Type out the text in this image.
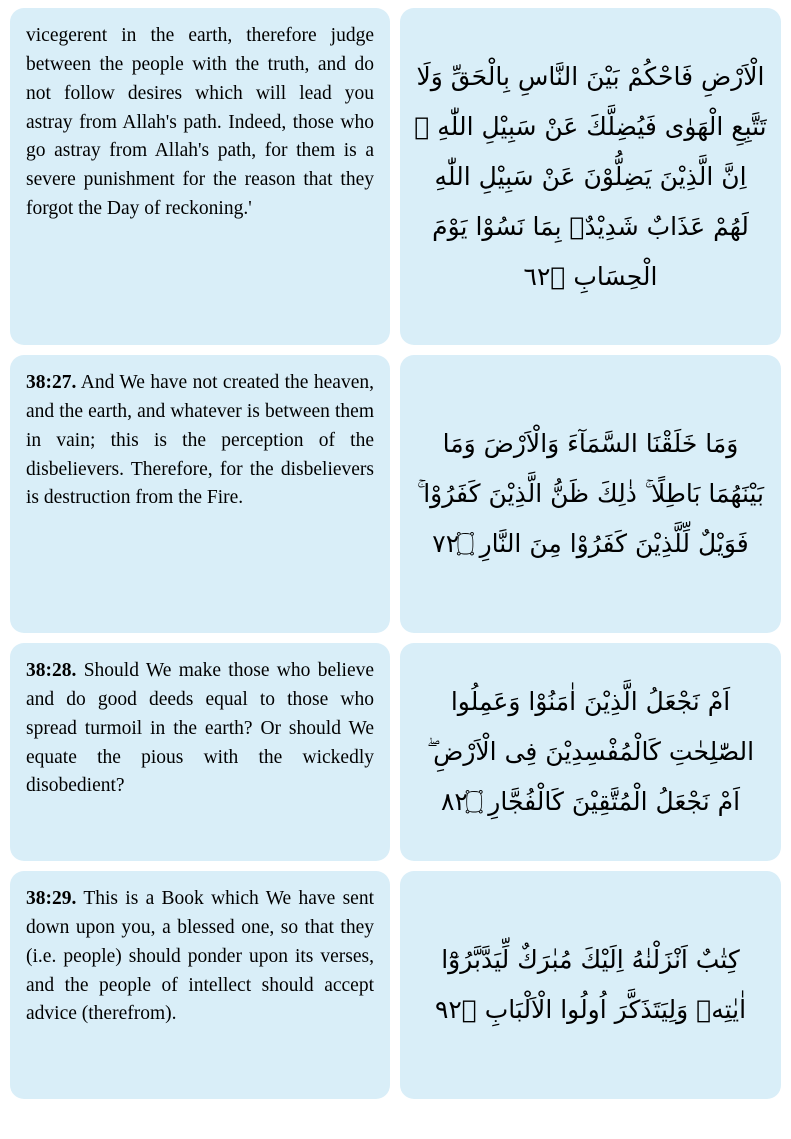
vicegerent in the earth, therefore judge between the people with the truth, and do not follow desires which will lead you astray from Allah's path. Indeed, those who go astray from Allah's path, for them is a severe punishment for the reason that they forgot the Day of reckoning.'
الْاَرْضِ فَاحْكُمْ بَيْنَ النَّاسِ بِالْحَقِّ وَلَا تَتَّبِعِ الْهَوٰى فَيُضِلَّكَ عَنْ سَبِيْلِ اللّٰهِ ۚ اِنَّ الَّذِيْنَ يَضِلُّوْنَ عَنْ سَبِيْلِ اللّٰهِ لَهُمْ عَذَابٌ شَدِيْدٌۢ بِمَا نَسُوْا يَوْمَ الْحِسَابِ ۝٢٦
38:27. And We have not created the heaven, and the earth, and whatever is between them in vain; this is the perception of the disbelievers. Therefore, for the disbelievers is destruction from the Fire.
وَمَا خَلَقْنَا السَّمَآءَ وَالْاَرْضَ وَمَا بَيْنَهُمَا بَاطِلًا ۚ ذٰلِكَ ظَنُّ الَّذِيْنَ كَفَرُوْا ۚ فَوَيْلٌ لِّلَّذِيْنَ كَفَرُوْا مِنَ النَّارِ ۝٢٧
38:28. Should We make those who believe and do good deeds equal to those who spread turmoil in the earth? Or should We equate the pious with the wickedly disobedient?
اَمْ نَجْعَلُ الَّذِيْنَ اٰمَنُوْا وَعَمِلُوا الصّٰلِحٰتِ كَالْمُفْسِدِيْنَ فِى الْاَرْضِ ۖ اَمْ نَجْعَلُ الْمُتَّقِيْنَ كَالْفُجَّارِ ۝٢٨
38:29. This is a Book which We have sent down upon you, a blessed one, so that they (i.e. people) should ponder upon its verses, and the people of intellect should accept advice (therefrom).
كِتٰبٌ اَنْزَلْنٰهُ اِلَيْكَ مُبٰرَكٌ لِّيَدَّبَّرُوْٓا اٰيٰتِهٖ وَلِيَتَذَكَّرَ اُولُوا الْاَلْبَابِ ۝٢٩
